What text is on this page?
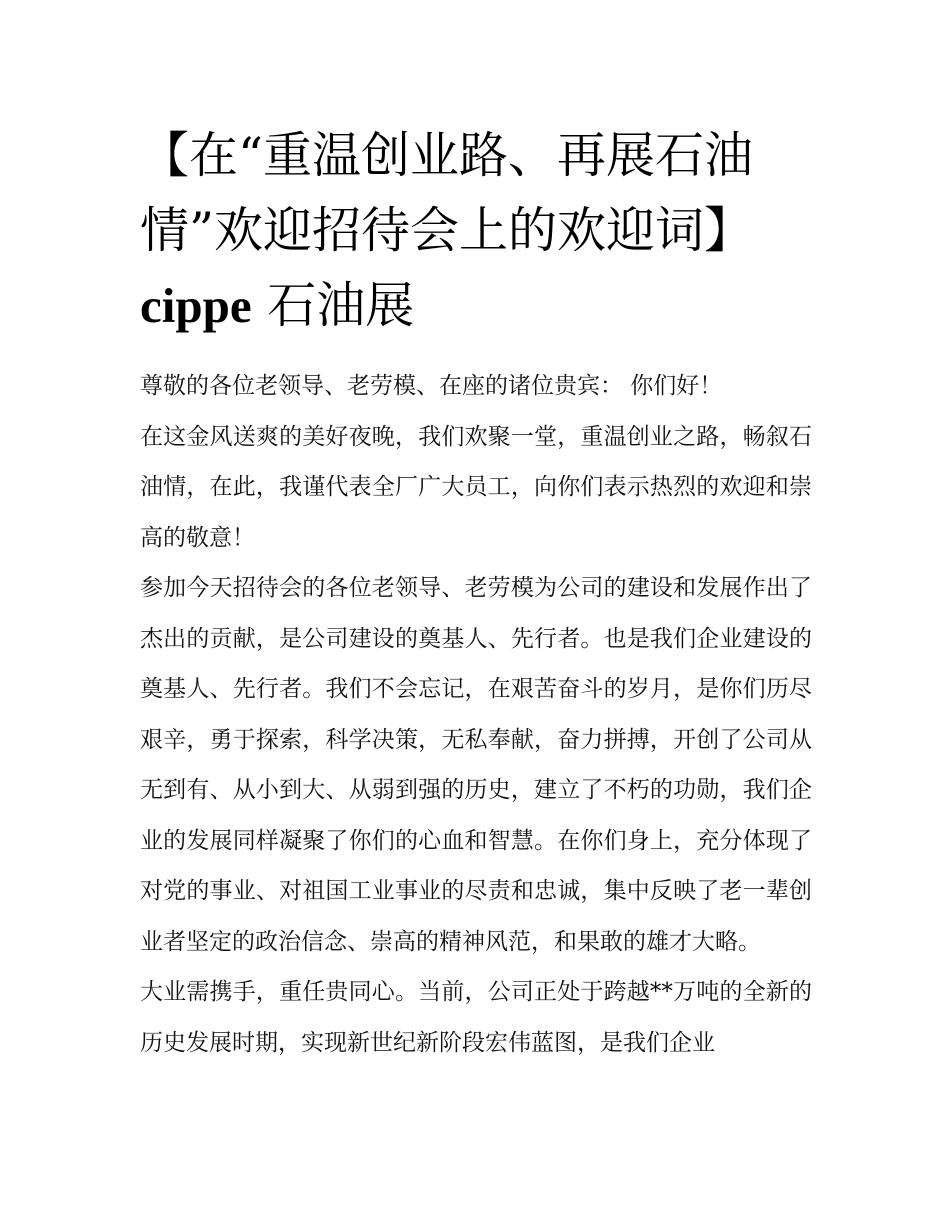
【在“重温创业路、再展石油
情”欢迎招待会上的欢迎词】
cippe 石油展

尊敬的各位老领导、老劳模、在座的诸位贵宾： 你们好！

在这金风送爽的美好夜晚，我们欢聚一堂，重温创业之路，畅叙石油情，在此，我谨代表全厂广大员工，向你们表示热烈的欢迎和崇高的敬意！

参加今天招待会的各位老领导、老劳模为公司的建设和发展作出了杰出的贡献，是公司建设的奠基人、先行者。也是我们企业建设的奠基人、先行者。我们不会忘记，在艰苦奋斗的岁月，是你们历尽艰辛，勇于探索，科学决策，无私奉献，奋力拼搏，开创了公司从无到有、从小到大、从弱到强的历史，建立了不朽的功勋，我们企业的发展同样凝聚了你们的心血和智慧。在你们身上，充分体现了对党的事业、对祖国工业事业的尽责和忠诚，集中反映了老一辈创业者坚定的政治信念、崇高的精神风范，和果敢的雄才大略。

大业需携手，重任贵同心。当前，公司正处于跨越**万吨的全新的历史发展时期，实现新世纪新阶段宏伟蓝图，是我们企业
